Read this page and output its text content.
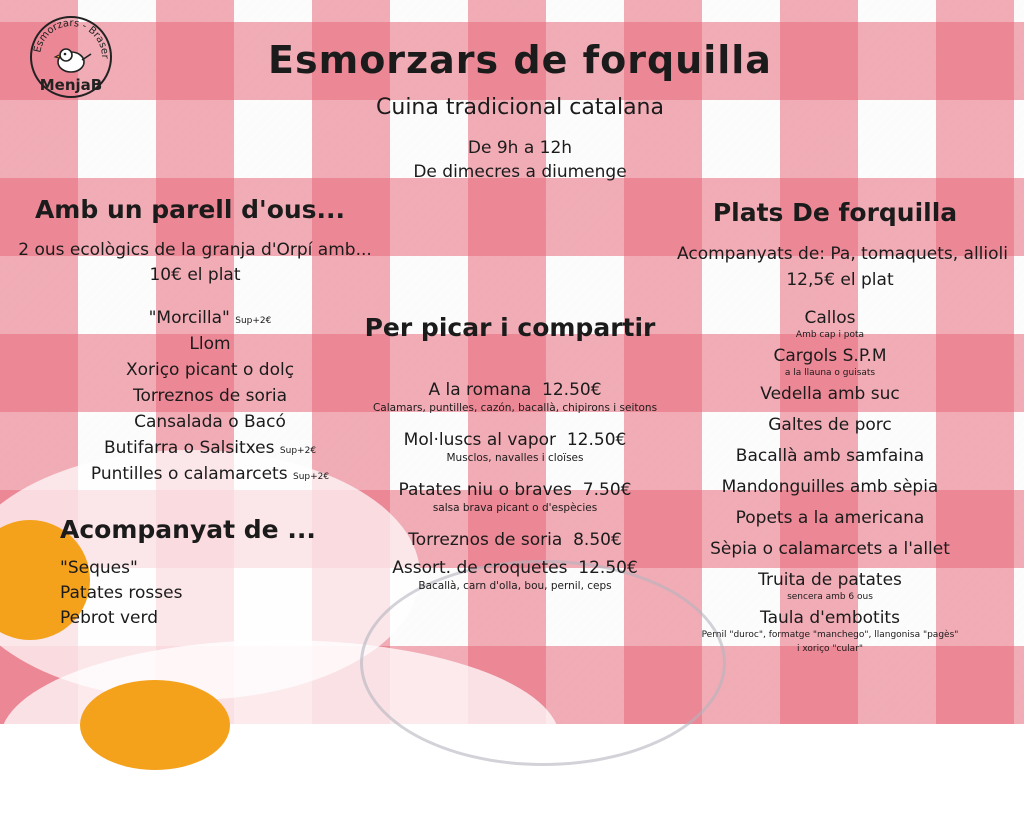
Esmorzars - Braser
MenjaB
Esmorzars de forquilla
Cuina tradicional catalana
De 9h a 12h
De dimecres a diumenge
Amb un parell d'ous...
2 ous ecològics de la granja d'Orpí amb...
10€ el plat
"Morcilla" Sup+2€
Llom
Xoriço picant o dolç
Torreznos de soria
Cansalada o Bacó
Butifarra o Salsitxes Sup+2€
Puntilles o calamarcets Sup+2€
Acompanyat de ...
"Seques"
Patates rosses
Pebrot verd
Per picar i compartir
A la romana 12.50€
Calamars, puntilles, cazón, bacallà, chipirons i seitons
Mol·luscs al vapor 12.50€
Musclos, navalles i cloïses
Patates niu o braves 7.50€
salsa brava picant o d'espècies
Torreznos de soria 8.50€
Assort. de croquetes 12.50€
Bacallà, carn d'olla, bou, pernil, ceps
Plats De forquilla
Acompanyats de: Pa, tomaquets, allioli
12,5€ el plat
Callos
Amb cap i pota
Cargols S.P.M
a la llauna o guisats
Vedella amb suc
Galtes de porc
Bacallà amb samfaina
Mandonguilles amb sèpia
Popets a la americana
Sèpia o calamarcets a l'allet
Truita de patates
sencera amb 6 ous
Taula d'embotits
Pernil "duroc", formatge "manchego", llangonisa "pagès"
i xoriço "cular"
